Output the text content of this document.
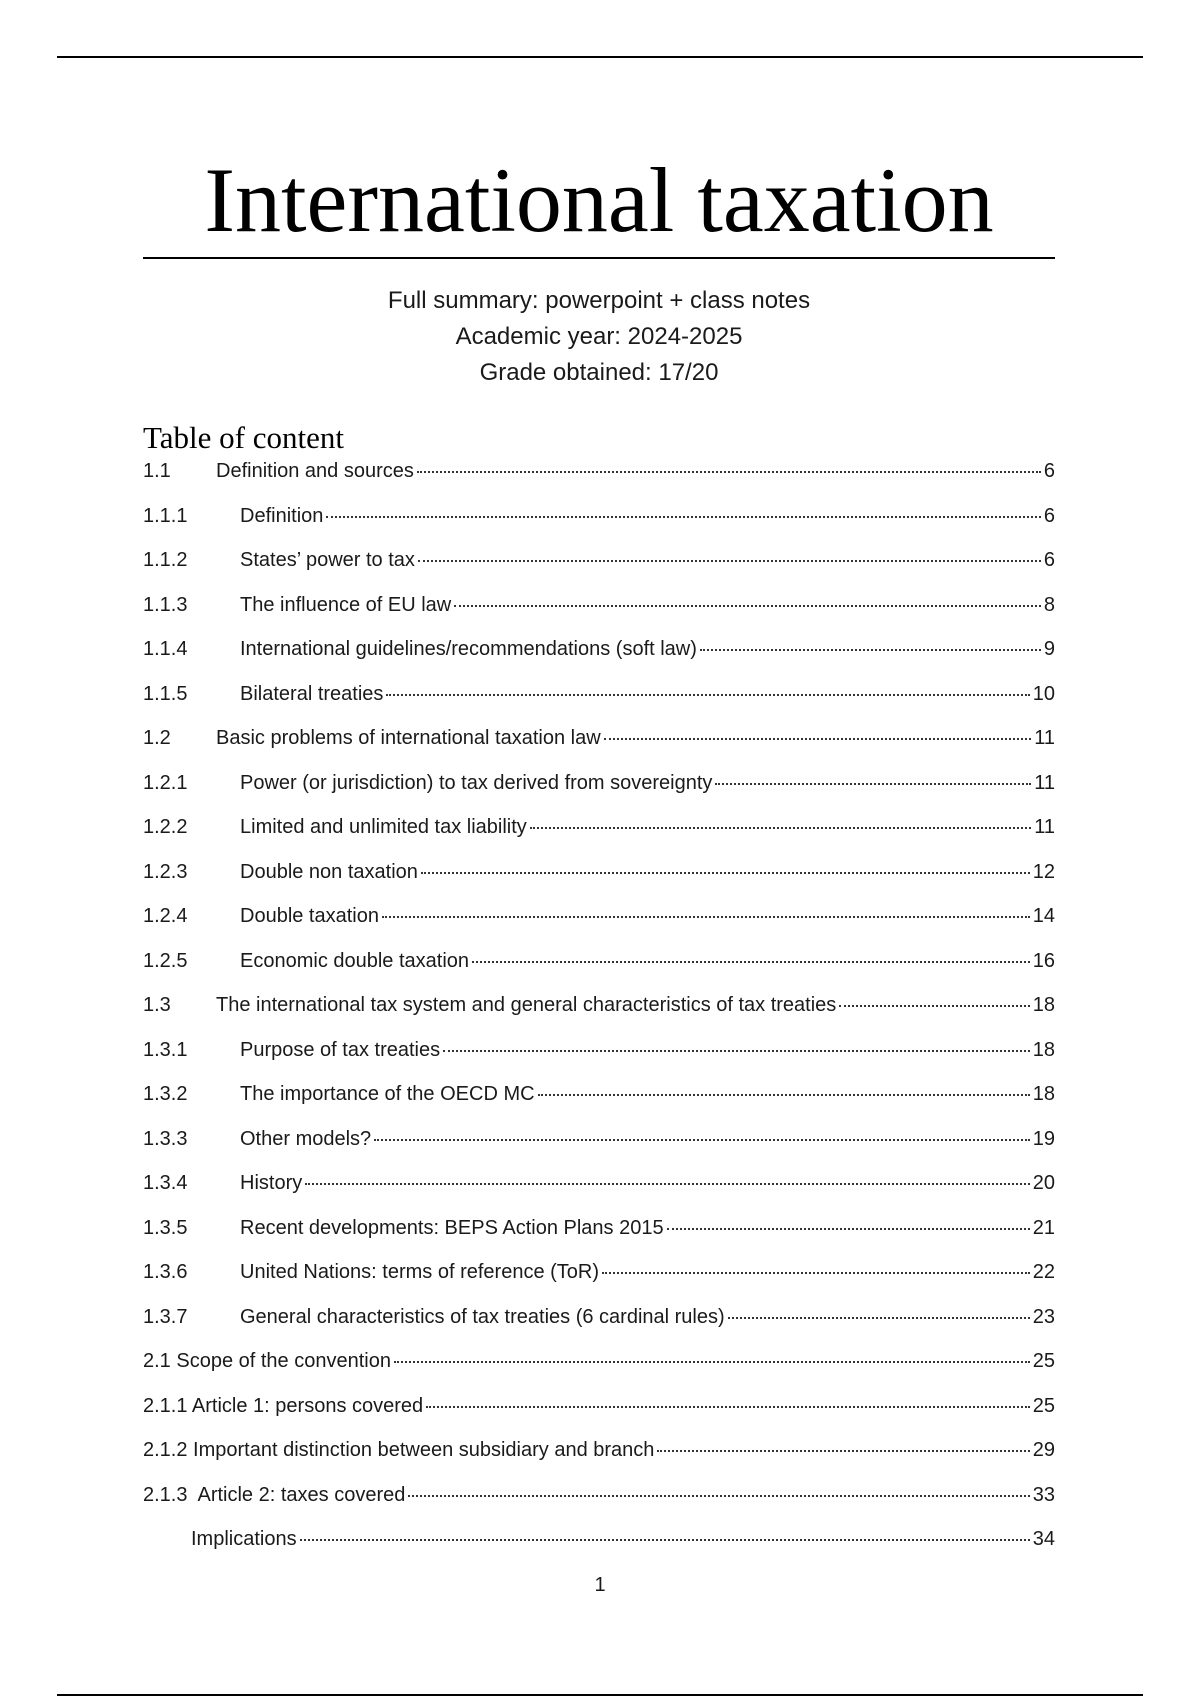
International taxation
Full summary: powerpoint + class notes
Academic year: 2024-2025
Grade obtained: 17/20
Table of content
1.1	Definition and sources	6
1.1.1	Definition	6
1.1.2	States’ power to tax	6
1.1.3	The influence of EU law	8
1.1.4	International guidelines/recommendations (soft law)	9
1.1.5	Bilateral treaties	10
1.2	Basic problems of international taxation law	11
1.2.1	Power (or jurisdiction) to tax derived from sovereignty	11
1.2.2	Limited and unlimited tax liability	11
1.2.3	Double non taxation	12
1.2.4	Double taxation	14
1.2.5	Economic double taxation	16
1.3	The international tax system and general characteristics of tax treaties	18
1.3.1	Purpose of tax treaties	18
1.3.2	The importance of the OECD MC	18
1.3.3	Other models?	19
1.3.4	History	20
1.3.5	Recent developments: BEPS Action Plans 2015	21
1.3.6	United Nations: terms of reference (ToR)	22
1.3.7	General characteristics of tax treaties (6 cardinal rules)	23
2.1 Scope of the convention	25
2.1.1 Article 1: persons covered	25
2.1.2 Important distinction between subsidiary and branch	29
2.1.3  Article 2: taxes covered	33
Implications	34
1
